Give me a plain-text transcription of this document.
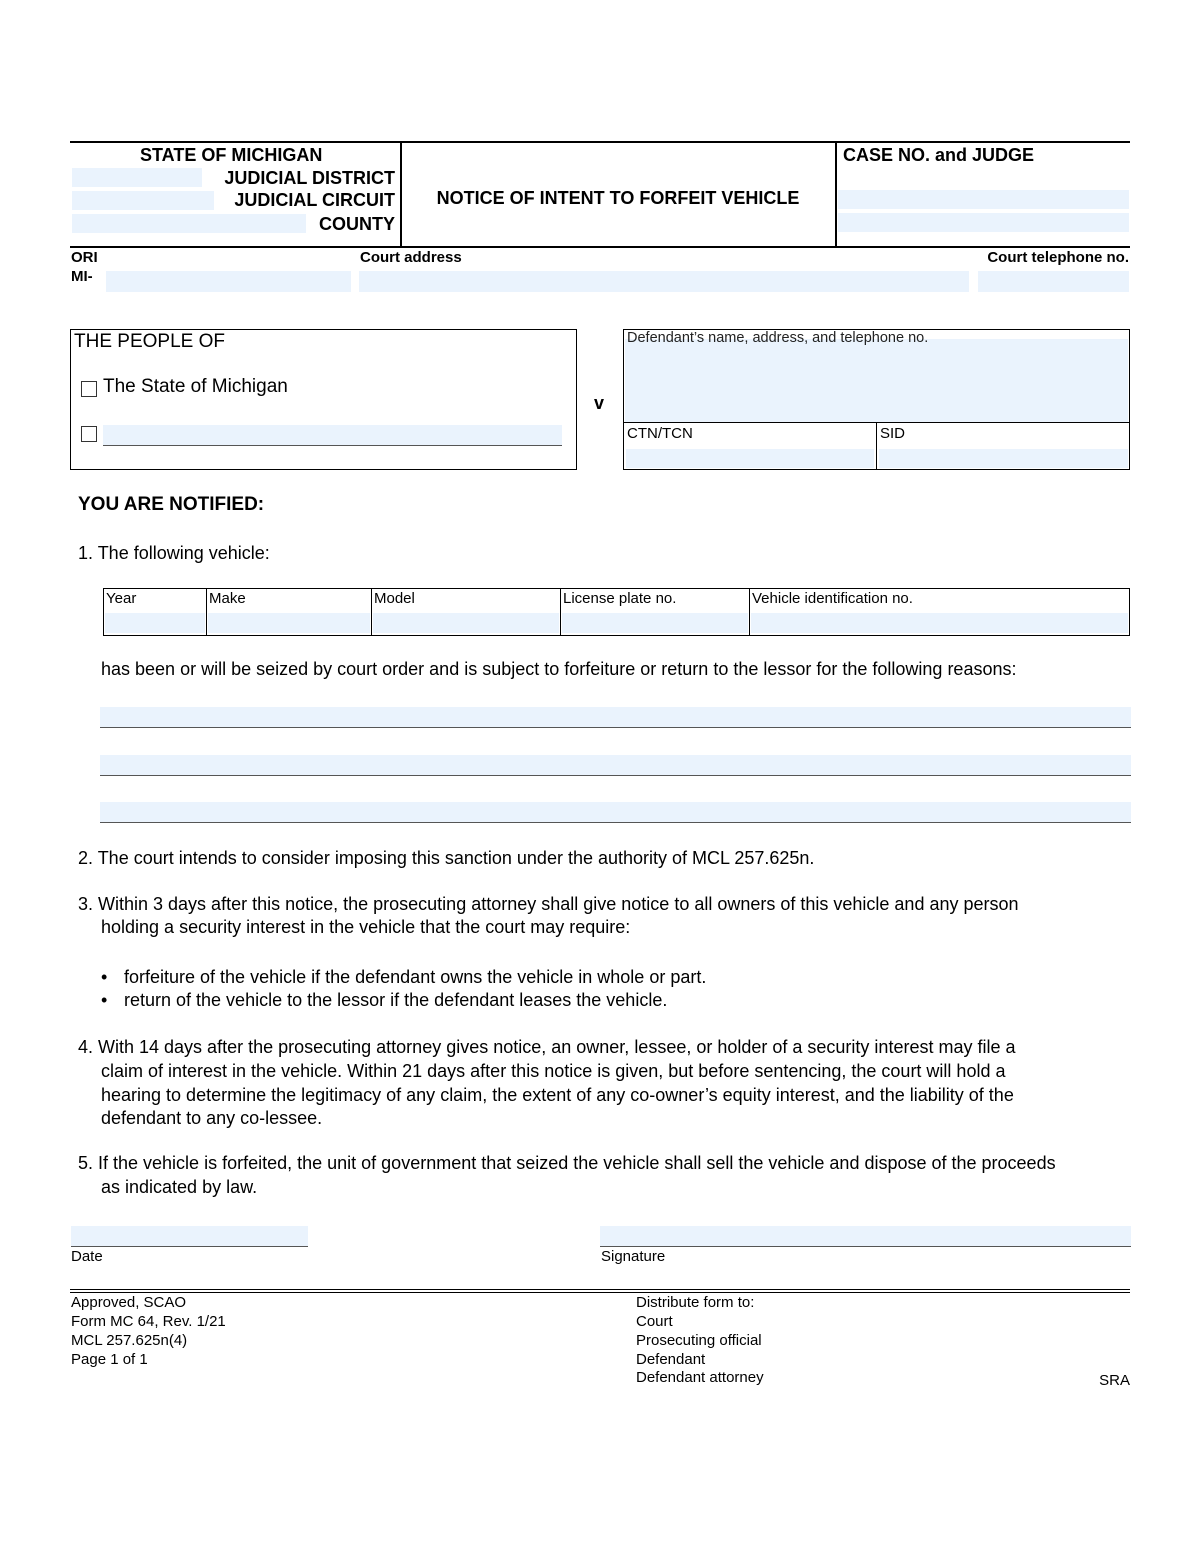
STATE OF MICHIGAN
JUDICIAL DISTRICT
JUDICIAL CIRCUIT
COUNTY
NOTICE OF INTENT TO FORFEIT VEHICLE
CASE NO. and JUDGE
ORI
MI-
Court address	Court telephone no.
THE PEOPLE OF
The State of Michigan
v
Defendant’s name, address, and telephone no.
CTN/TCN	SID
YOU ARE NOTIFIED:
1. The following vehicle:
Year	Make	Model	License plate no.	Vehicle identification no.
has been or will be seized by court order and is subject to forfeiture or return to the lessor for the following reasons:
2. The court intends to consider imposing this sanction under the authority of MCL 257.625n.
3. Within 3 days after this notice, the prosecuting attorney shall give notice to all owners of this vehicle and any person
holding a security interest in the vehicle that the court may require:
• forfeiture of the vehicle if the defendant owns the vehicle in whole or part.
• return of the vehicle to the lessor if the defendant leases the vehicle.
4. With 14 days after the prosecuting attorney gives notice, an owner, lessee, or holder of a security interest may file a
claim of interest in the vehicle. Within 21 days after this notice is given, but before sentencing, the court will hold a
hearing to determine the legitimacy of any claim, the extent of any co-owner’s equity interest, and the liability of the
defendant to any co-lessee.
5. If the vehicle is forfeited, the unit of government that seized the vehicle shall sell the vehicle and dispose of the proceeds
as indicated by law.
Date	Signature
Approved, SCAO
Form MC 64, Rev. 1/21
MCL 257.625n(4)
Page 1 of 1
Distribute form to:
Court
Prosecuting official
Defendant
Defendant attorney	SRA
